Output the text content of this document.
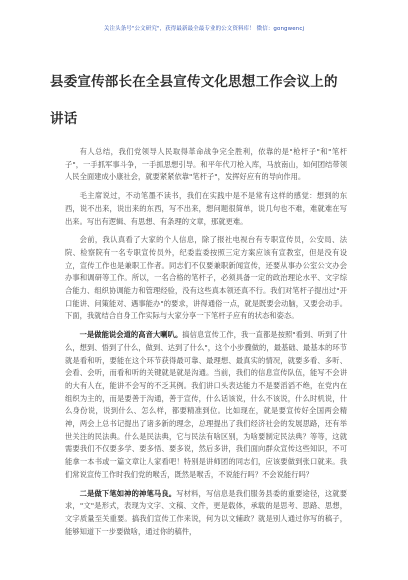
关注头条号"公文研究"，获得最新最全最专业的公文资料库！ 微信：gongwencj
县委宣传部长在全县宣传文化思想工作会议上的
讲话

有人总结，我们党领导人民取得革命战争完全胜利，依靠的是"枪杆子"和"笔杆子"，一手抓军事斗争，一手抓思想引导。和平年代刀枪入库，马放南山，如何团结带领人民全面建成小康社会，就要紧紧依靠"笔杆子"，发挥好应有的导向作用。

毛主席说过，不动笔墨不读书，我们在实践中是不是常有这样的感觉：想到的东西，说不出来，说出来的东西，写不出来，想问题很简单，说几句也不难，难就难在写出来。写出有逻辑、有思想、有条理的文章，那就更难。

会前，我认真看了大家的个人信息，除了报社电视台有专职宣传员，公安局、法院、检察院有一名专职宣传员外，纪委监委按照三定方案应该有宣教室，但是没有设立，宣传工作也是兼职工作者。同志们不仅要兼职新闻宣传，还要从事办公室公文办会办事和调研等工作。所以，一名合格的笔杆子，必须具备一定的政治理论水平、文字综合能力、组织协调能力和管理经验，没有这些真本领还真不行。我们对笔杆子提出过"开口能讲、问策能对、遇事能办"的要求，讲得通俗一点，就是既要会动脑，又要会动手。下面，我就结合自身工作实际与大家分享一下笔杆子应有的状态和姿态。

一是做能说会道的高音大喇叭。搞信息宣传工作，我一直都是按照"看到、听到了什么，想到、悟到了什么，做到、达到了什么"，这个小步骤做的，最基础、最基本的环节就是看和听，要能在这个环节获得最可靠、最理想、最真实的情况，就要多看、多听、会看、会听，而看和听的关键就是就是沟通。当前，我们的信息宣传队伍，能写不会讲的大有人在，能讲不会写的不乏其例。我们讲口头表达能力不是要滔滔不绝，在党内在组织为主的，而是要善于沟通，善于宣传，什么话该说，什么不该说，什么时机说，什么身份说，说到什么、怎么样，都要精准到位。比如现在，就是要宣传好全国两会精神，两会上总书记提出了诸多新的理念，总理提出了我们经济社会的发展思路，还有举世关注的民法典。什么是民法典，它与民法有啥区别，为啥要制定民法典？等等，这就需要我们不仅要多学、要多悟、要多说，然后多讲，我们面向群众宣传这些知识，不可能拿一本书或一篇文章让人家看吧！特别是讲师团的同志们，应该要做到张口就来。我们常说宣传工作时我们党的喉舌，既然是喉舌，不说能行吗？不会说能行吗？

二是做下笔如神的神笔马良。写材料，写信息是我们服务县委的重要途径，这就要求，"文"是形式，表现为文字、文稿、文件，更是载体，承载的是思考、思路、思想，文字质量至关重要。搞我们宣传工作来说，何为以文辅政？就是别人通过你写的稿子，能够知道下一步要做啥，通过你的稿件，
